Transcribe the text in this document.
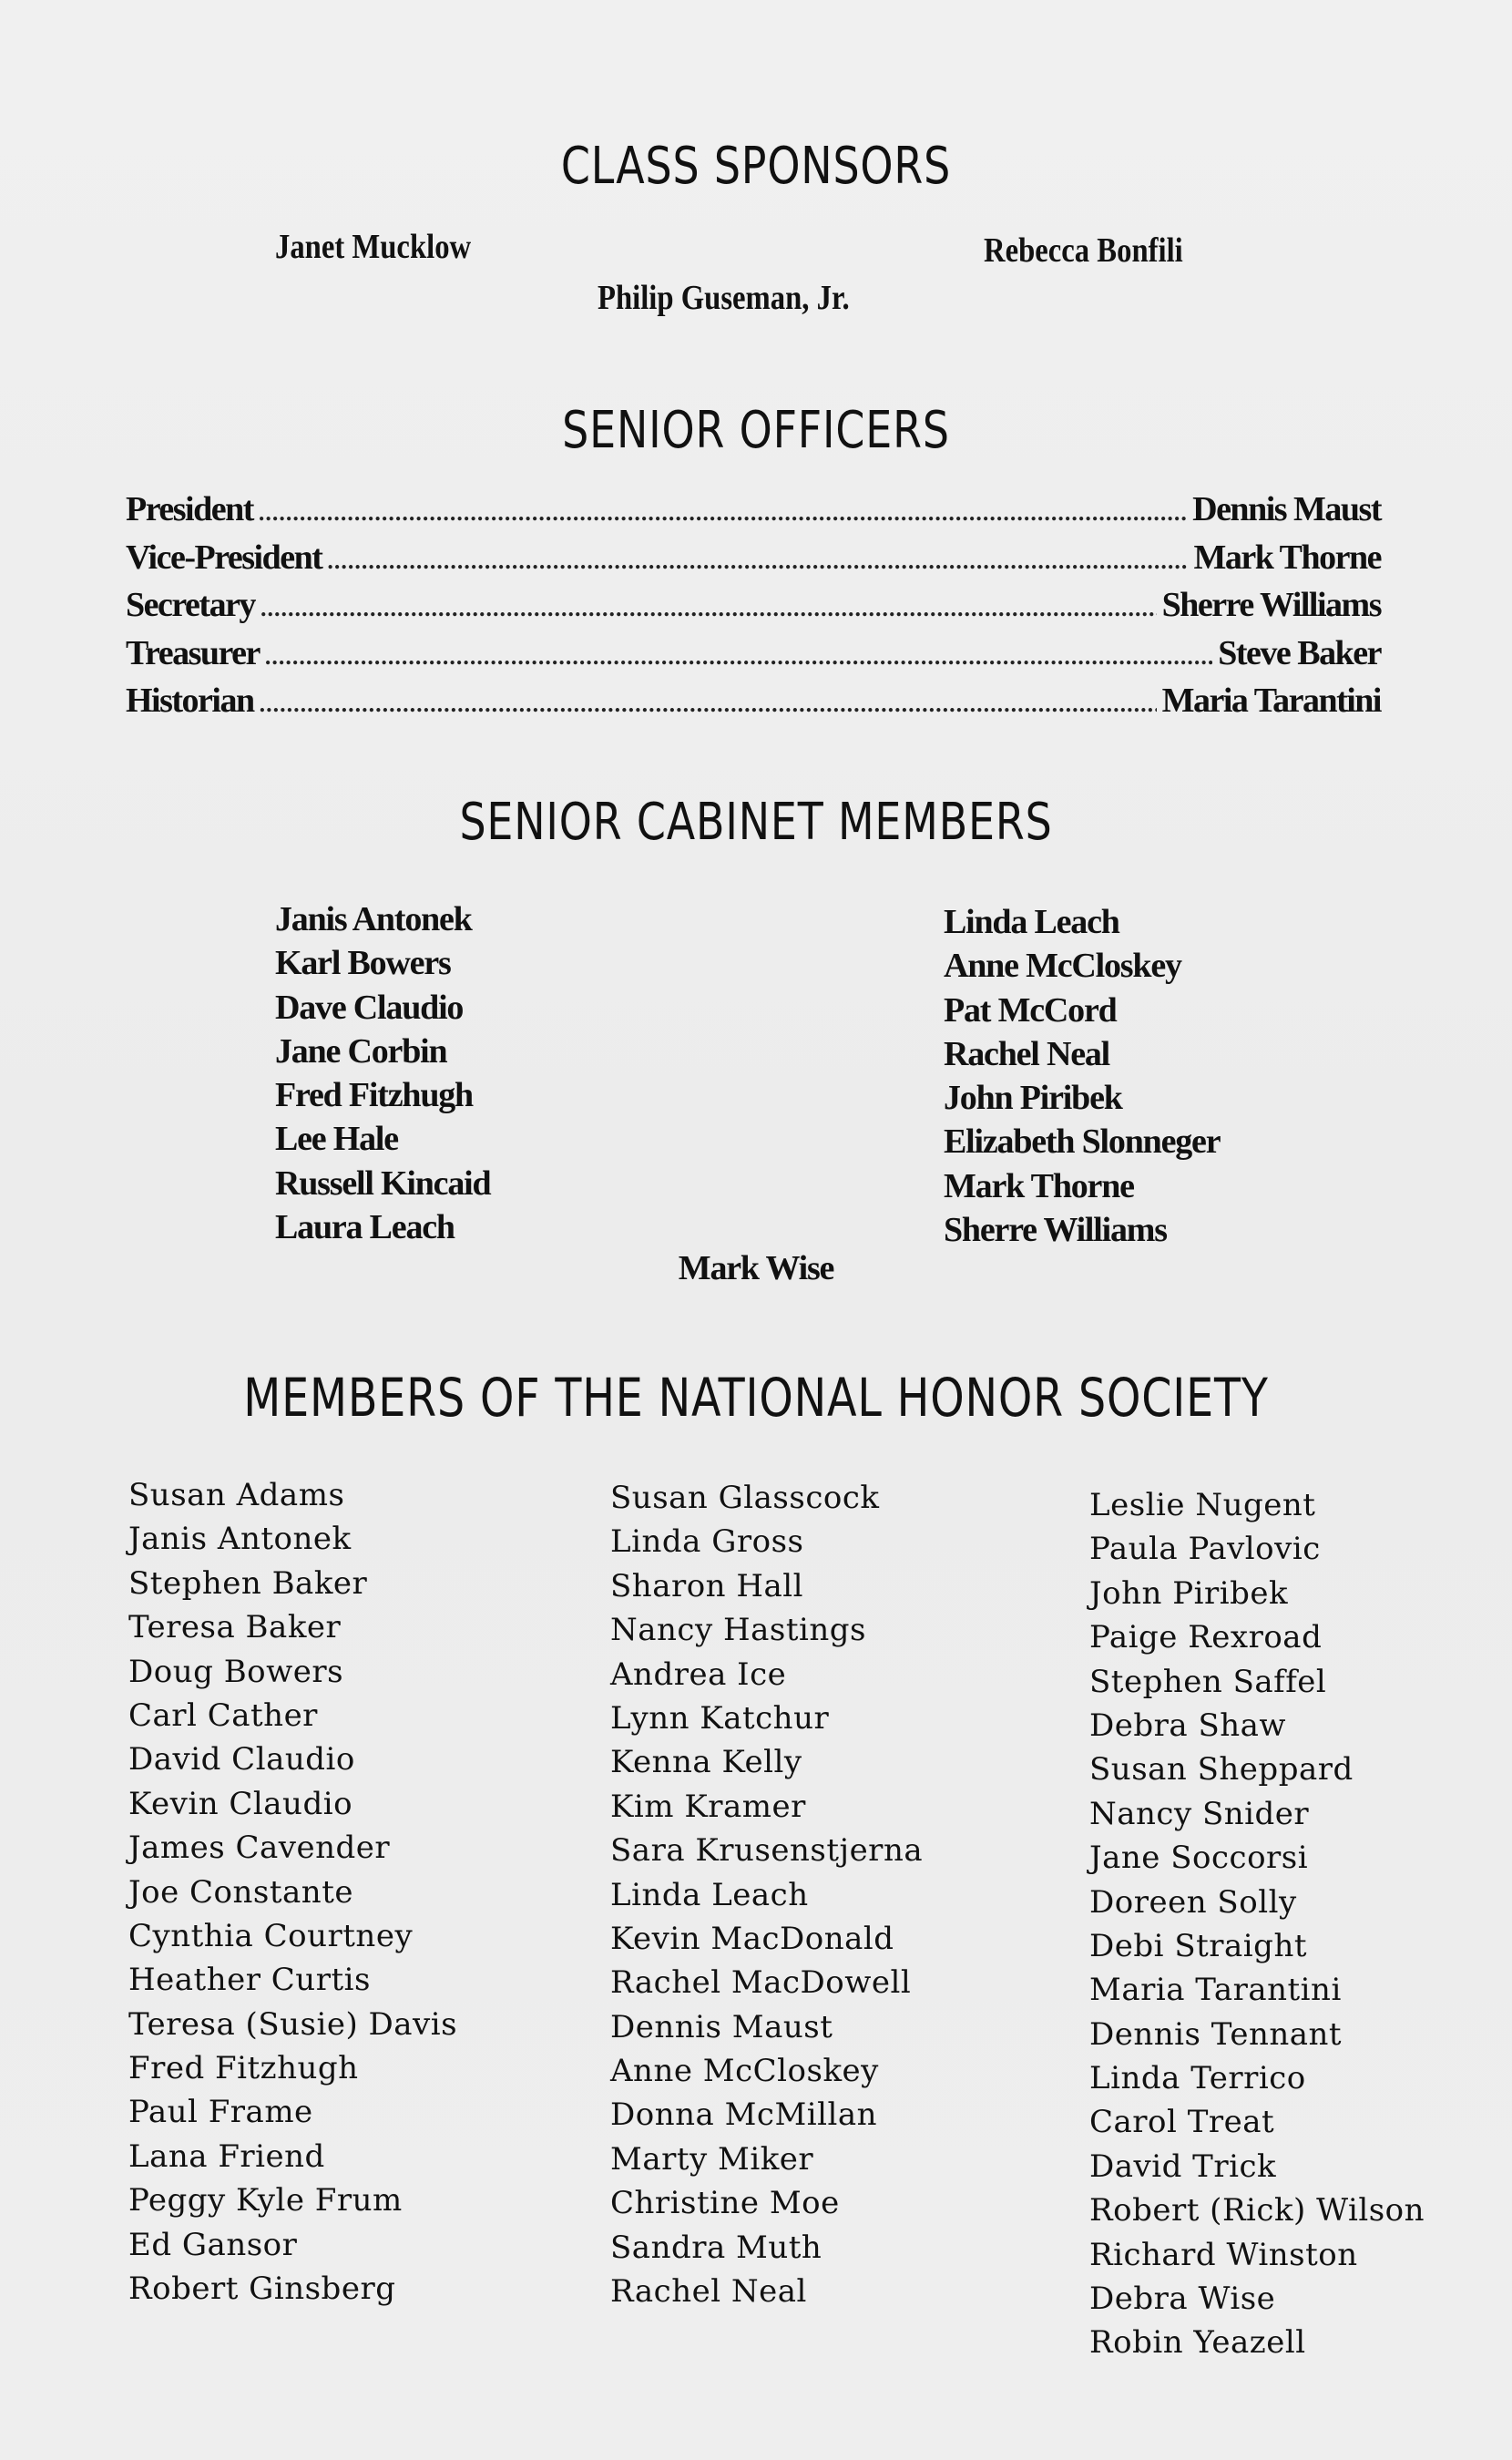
CLASS SPONSORS
Janet Mucklow	Rebecca Bonfili
Philip Guseman, Jr.
SENIOR OFFICERS
President .....	Dennis Maust
Vice-President .....	Mark Thorne
Secretary .....	Sherre Williams
Treasurer .....	Steve Baker
Historian .....	Maria Tarantini
SENIOR CABINET MEMBERS
Janis Antonek
Karl Bowers
Dave Claudio
Jane Corbin
Fred Fitzhugh
Lee Hale
Russell Kincaid
Laura Leach
Linda Leach
Anne McCloskey
Pat McCord
Rachel Neal
John Piribek
Elizabeth Slonneger
Mark Thorne
Sherre Williams
Mark Wise
MEMBERS OF THE NATIONAL HONOR SOCIETY
Susan Adams
Janis Antonek
Stephen Baker
Teresa Baker
Doug Bowers
Carl Cather
David Claudio
Kevin Claudio
James Cavender
Joe Constante
Cynthia Courtney
Heather Curtis
Teresa (Susie) Davis
Fred Fitzhugh
Paul Frame
Lana Friend
Peggy Kyle Frum
Ed Gansor
Robert Ginsberg
Susan Glasscock
Linda Gross
Sharon Hall
Nancy Hastings
Andrea Ice
Lynn Katchur
Kenna Kelly
Kim Kramer
Sara Krusenstjerna
Linda Leach
Kevin MacDonald
Rachel MacDowell
Dennis Maust
Anne McCloskey
Donna McMillan
Marty Miker
Christine Moe
Sandra Muth
Rachel Neal
Leslie Nugent
Paula Pavlovic
John Piribek
Paige Rexroad
Stephen Saffel
Debra Shaw
Susan Sheppard
Nancy Snider
Jane Soccorsi
Doreen Solly
Debi Straight
Maria Tarantini
Dennis Tennant
Linda Terrico
Carol Treat
David Trick
Robert (Rick) Wilson
Richard Winston
Debra Wise
Robin Yeazell
